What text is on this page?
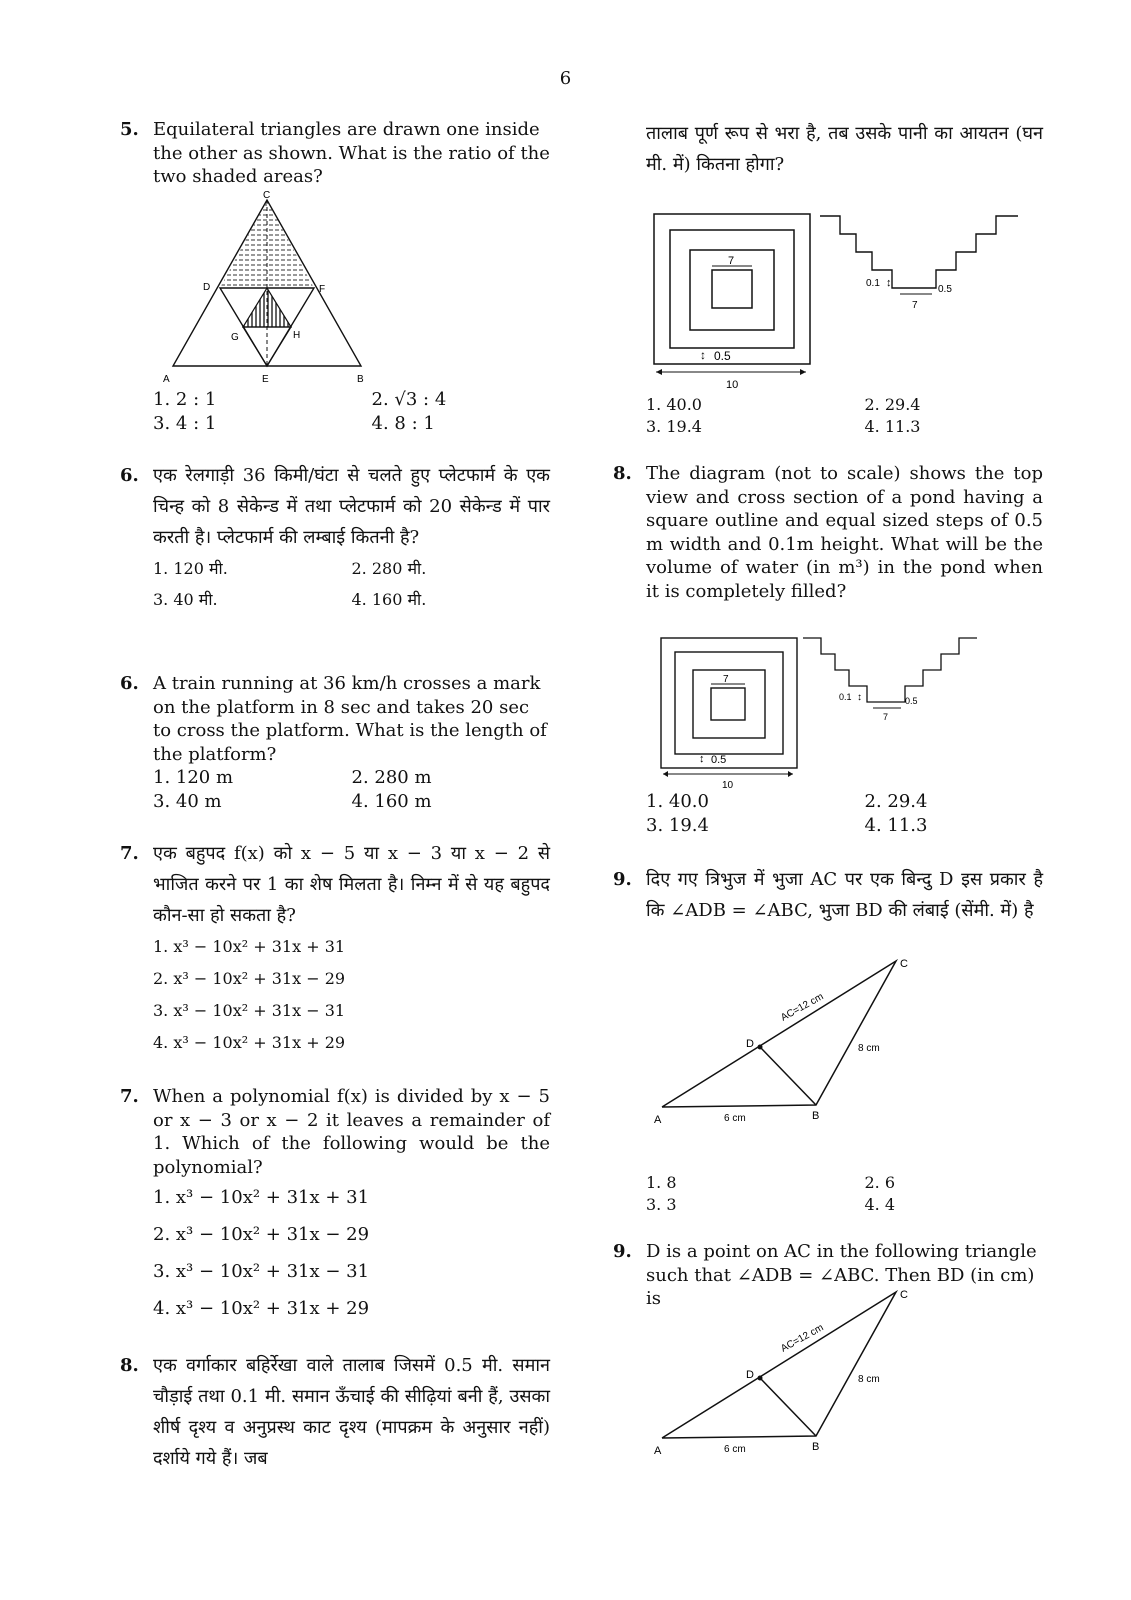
6
5. Equilateral triangles are drawn one inside the other as shown. What is the ratio of the two shaded areas?
C
D	F
G	H
A	E	B
1. 2 : 1	2. √3 : 4
3. 4 : 1	4. 8 : 1
6. एक रेलगाड़ी 36 किमी/घंटा से चलते हुए प्लेटफार्म के एक चिन्ह को 8 सेकेन्ड में तथा प्लेटफार्म को 20 सेकेन्ड में पार करती है। प्लेटफार्म की लम्बाई कितनी है?
1. 120 मी.	2. 280 मी.
3. 40 मी.	4. 160 मी.
6. A train running at 36 km/h crosses a mark on the platform in 8 sec and takes 20 sec to cross the platform. What is the length of the platform?
1. 120 m	2. 280 m
3. 40 m	4. 160 m
7. एक बहुपद f(x) को x − 5 या x − 3 या x − 2 से भाजित करने पर 1 का शेष मिलता है। निम्न में से यह बहुपद कौन-सा हो सकता है?
1. x³ − 10x² + 31x + 31
2. x³ − 10x² + 31x − 29
3. x³ − 10x² + 31x − 31
4. x³ − 10x² + 31x + 29
7. When a polynomial f(x) is divided by x − 5 or x − 3 or x − 2 it leaves a remainder of 1. Which of the following would be the polynomial?
1. x³ − 10x² + 31x + 31
2. x³ − 10x² + 31x − 29
3. x³ − 10x² + 31x − 31
4. x³ − 10x² + 31x + 29
8. एक वर्गाकार बहिर्रेखा वाले तालाब जिसमें 0.5 मी. समान चौड़ाई तथा 0.1 मी. समान ऊँचाई की सीढ़ियां बनी हैं, उसका शीर्ष दृश्य व अनुप्रस्थ काट दृश्य (मापक्रम के अनुसार नहीं) दर्शाये गये हैं। जब
तालाब पूर्ण रूप से भरा है, तब उसके पानी का आयतन (घन मी. में) कितना होगा?
7
↕ 0.5
10
0.1 ↕
0.5
7
1. 40.0	2. 29.4
3. 19.4	4. 11.3
8. The diagram (not to scale) shows the top view and cross section of a pond having a square outline and equal sized steps of 0.5 m width and 0.1m height. What will be the volume of water (in m³) in the pond when it is completely filled?
7
↕ 0.5
10
0.1 ↕	0.5
7
1. 40.0	2. 29.4
3. 19.4	4. 11.3
9. दिए गए त्रिभुज में भुजा AC पर एक बिन्दु D इस प्रकार है कि ∠ADB = ∠ABC, भुजा BD की लंबाई (सेंमी. में) है
C
D
A	B
AC=12 cm
8 cm
6 cm
1. 8	2. 6
3. 3	4. 4
9. D is a point on AC in the following triangle such that ∠ADB = ∠ABC. Then BD (in cm) is	C
D
A	B
AC=12 cm
8 cm
6 cm
